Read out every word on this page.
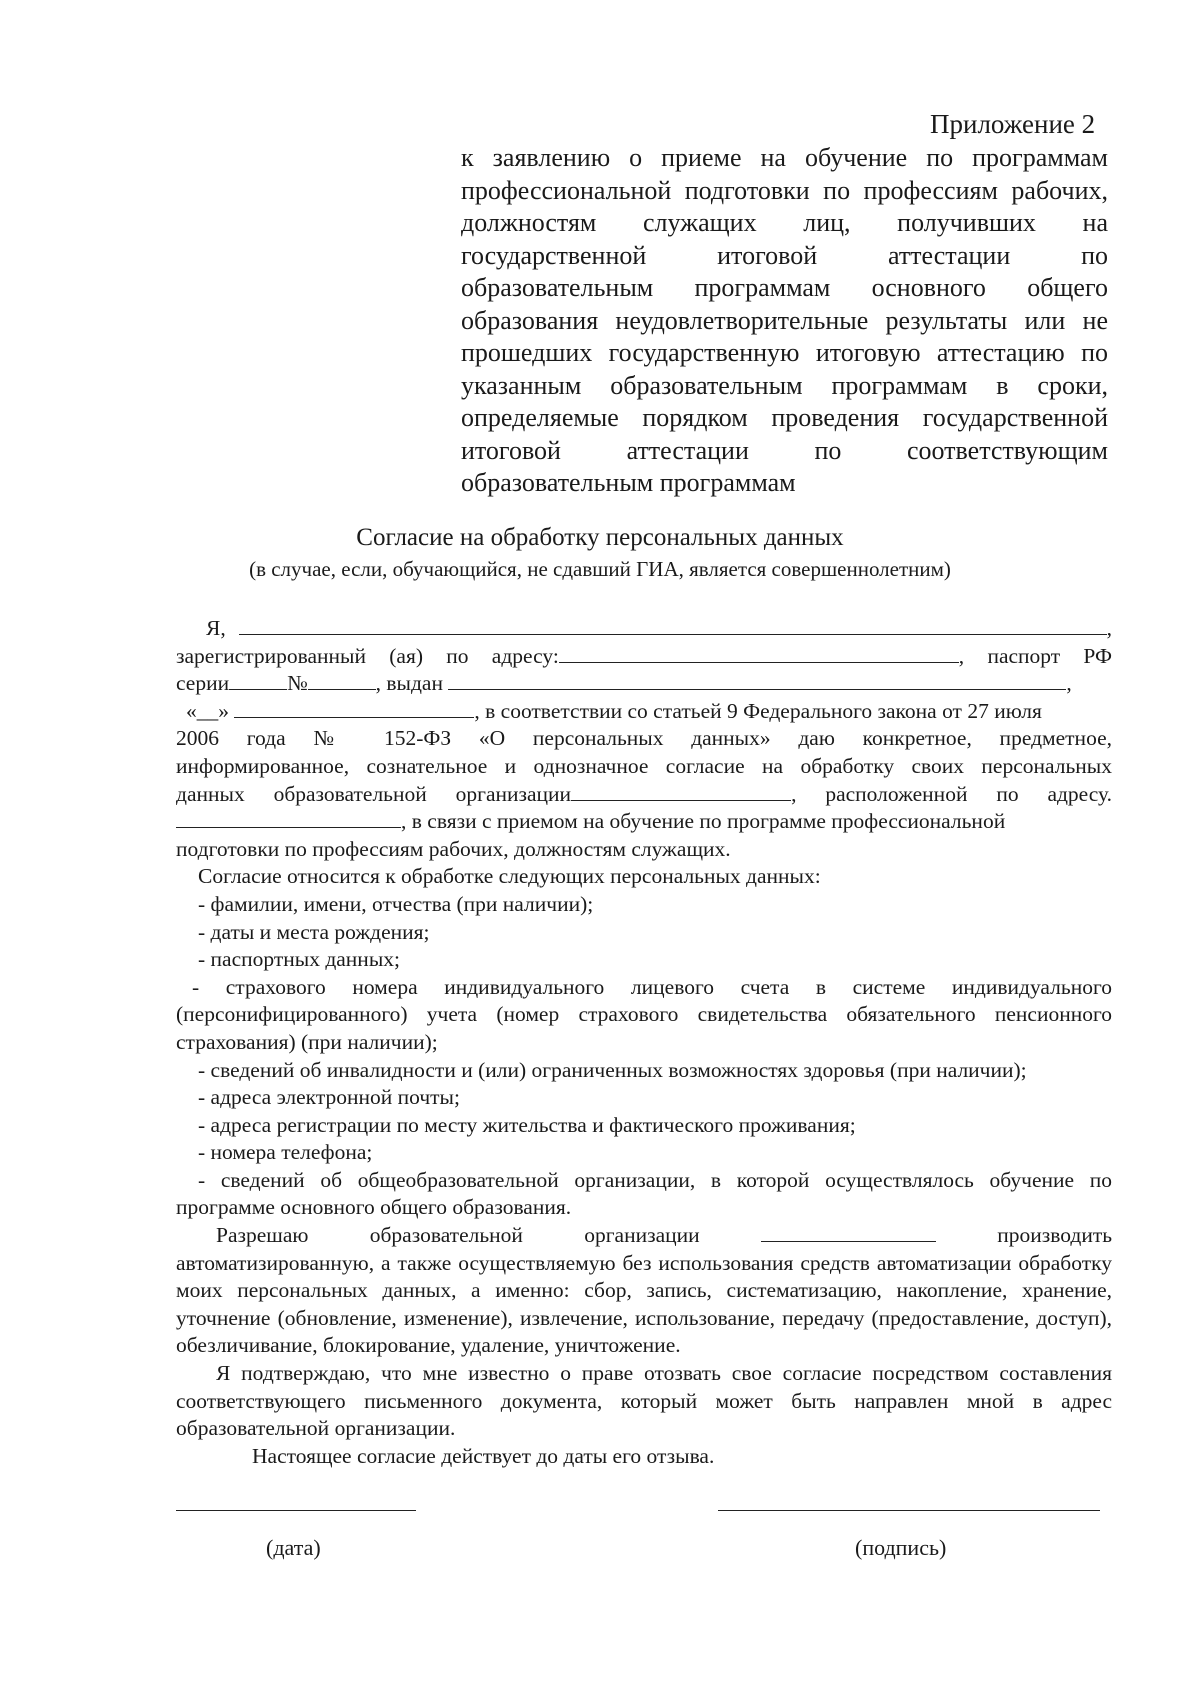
Приложение 2
к заявлению о приеме на обучение по программам профессиональной подготовки по профессиям рабочих, должностям служащих лиц, получивших на государственной итоговой аттестации по образовательным программам основного общего образования неудовлетворительные результаты или не прошедших государственную итоговую аттестацию по указанным образовательным программам в сроки, определяемые порядком проведения государственной итоговой аттестации по соответствующим образовательным программам
Согласие на обработку персональных данных
(в случае, если, обучающийся, не сдавший ГИА, является совершеннолетним)
Я,	,
зарегистрированный (ая) по адресу:	, паспорт РФ
серии	№	, выдан	,
«__»	, в соответствии со статьей 9 Федерального закона от 27 июля
2006 года № 152-ФЗ «О персональных данных» даю конкретное, предметное,
информированное, сознательное и однозначное согласие на обработку своих персональных
данных образовательной организации	, расположенной по адресу.
, в связи с приемом на обучение по программе профессиональной
подготовки по профессиям рабочих, должностям служащих.
Согласие относится к обработке следующих персональных данных:
- фамилии, имени, отчества (при наличии);
- даты и места рождения;
- паспортных данных;
- страхового номера индивидуального лицевого счета в системе индивидуального (персонифицированного) учета (номер страхового свидетельства обязательного пенсионного страхования) (при наличии);
- сведений об инвалидности и (или) ограниченных возможностях здоровья (при наличии);
- адреса электронной почты;
- адреса регистрации по месту жительства и фактического проживания;
- номера телефона;
- сведений об общеобразовательной организации, в которой осуществлялось обучение по программе основного общего образования.
Разрешаю образовательной организации	производить
автоматизированную, а также осуществляемую без использования средств автоматизации обработку моих персональных данных, а именно: сбор, запись, систематизацию, накопление, хранение, уточнение (обновление, изменение), извлечение, использование, передачу (предоставление, доступ), обезличивание, блокирование, удаление, уничтожение.
Я подтверждаю, что мне известно о праве отозвать свое согласие посредством составления соответствующего письменного документа, который может быть направлен мной в адрес образовательной организации.
Настоящее согласие действует до даты его отзыва.
(дата)	(подпись)
